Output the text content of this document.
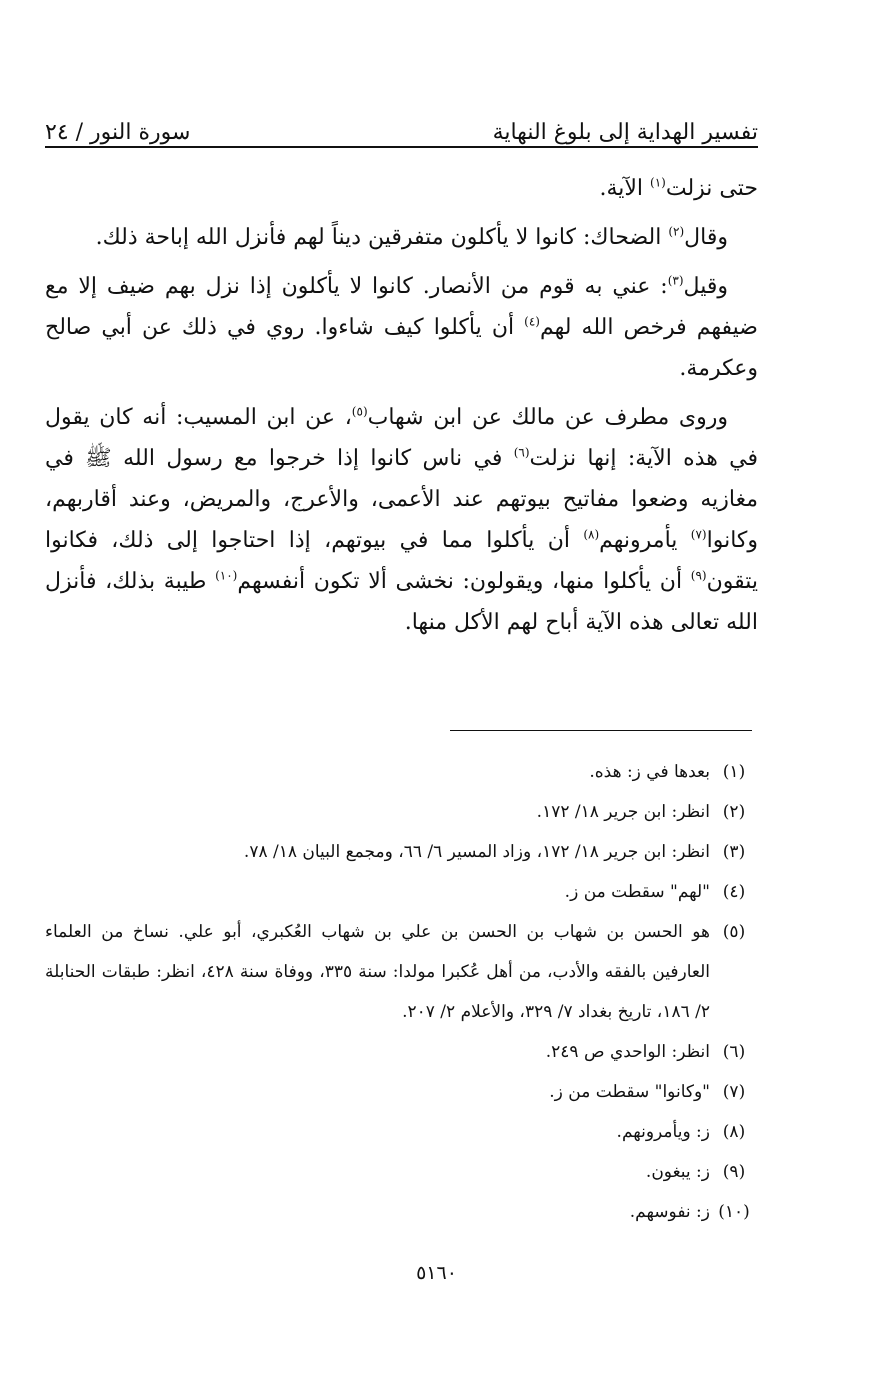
تفسير الهداية إلى بلوغ النهاية
سورة النور / ٢٤

حتى نزلت$^{(١)}$ الآية.

وقال$^{(٢)}$ الضحاك: كانوا لا يأكلون متفرقين ديناً لهم فأنزل الله إباحة ذلك.

وقيل$^{(٣)}$: عني به قوم من الأنصار. كانوا لا يأكلون إذا نزل بهم ضيف إلا مع ضيفهم فرخص الله لهم$^{(٤)}$ أن يأكلوا كيف شاءوا. روي في ذلك عن أبي صالح وعكرمة.

وروى مطرف عن مالك عن ابن شهاب$^{(٥)}$، عن ابن المسيب: أنه كان يقول في هذه الآية: إنها نزلت$^{(٦)}$ في ناس كانوا إذا خرجوا مع رسول الله ﷺ في مغازيه وضعوا مفاتيح بيوتهم عند الأعمى، والأعرج، والمريض، وعند أقاربهم، وكانوا$^{(٧)}$ يأمرونهم$^{(٨)}$ أن يأكلوا مما في بيوتهم، إذا احتاجوا إلى ذلك، فكانوا يتقون$^{(٩)}$ أن يأكلوا منها، ويقولون: نخشى ألا تكون أنفسهم$^{(١٠)}$ طيبة بذلك، فأنزل الله تعالى هذه الآية أباح لهم الأكل منها.

(١)
بعدها في ز: هذه.
(٢)
انظر: ابن جرير ١٨/ ١٧٢.
(٣)
انظر: ابن جرير ١٨/ ١٧٢، وزاد المسير ٦/ ٦٦، ومجمع البيان ١٨/ ٧٨.
(٤)
"لهم" سقطت من ز.
(٥)
هو الحسن بن شهاب بن الحسن بن علي بن شهاب العُكبري، أبو علي. نساخ من العلماء العارفين بالفقه والأدب، من أهل عُكبرا مولدا: سنة ٣٣٥، ووفاة سنة ٤٢٨، انظر: طبقات الحنابلة ٢/ ١٨٦، تاريخ بغداد ٧/ ٣٢٩، والأعلام ٢/ ٢٠٧.
(٦)
انظر: الواحدي ص ٢٤٩.
(٧)
"وكانوا" سقطت من ز.
(٨)
ز: ويأمرونهم.
(٩)
ز: يبغون.
(١٠)
ز: نفوسهم.
٥١٦٠
